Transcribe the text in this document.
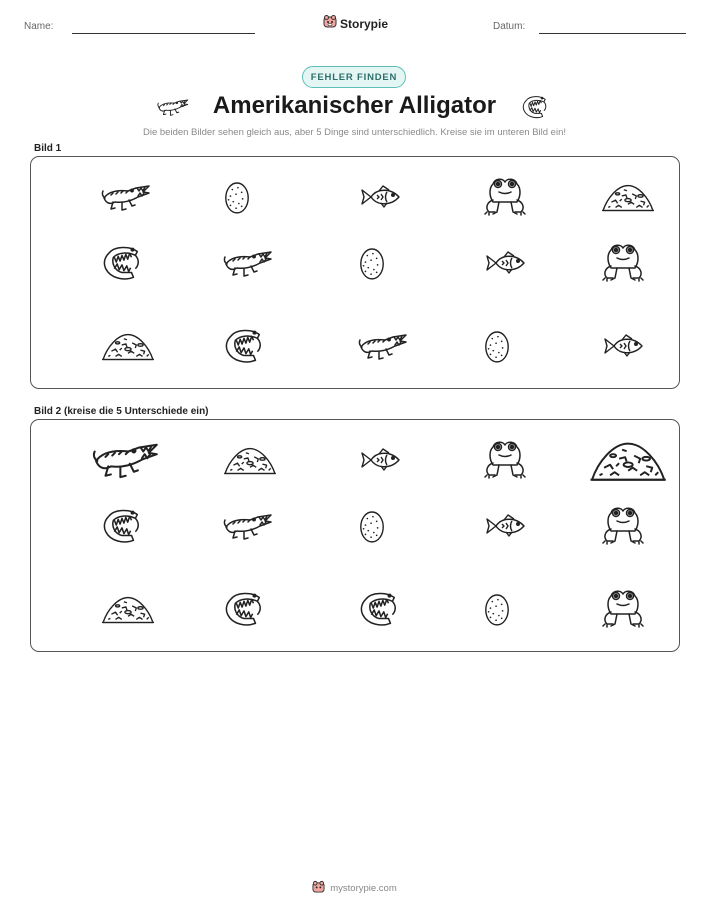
Name:	Storypie	Datum:
FEHLER FINDEN
Amerikanischer Alligator
Die beiden Bilder sehen gleich aus, aber 5 Dinge sind unterschiedlich. Kreise sie im unteren Bild ein!
Bild 1
Bild 2 (kreise die 5 Unterschiede ein)
mystorypie.com
